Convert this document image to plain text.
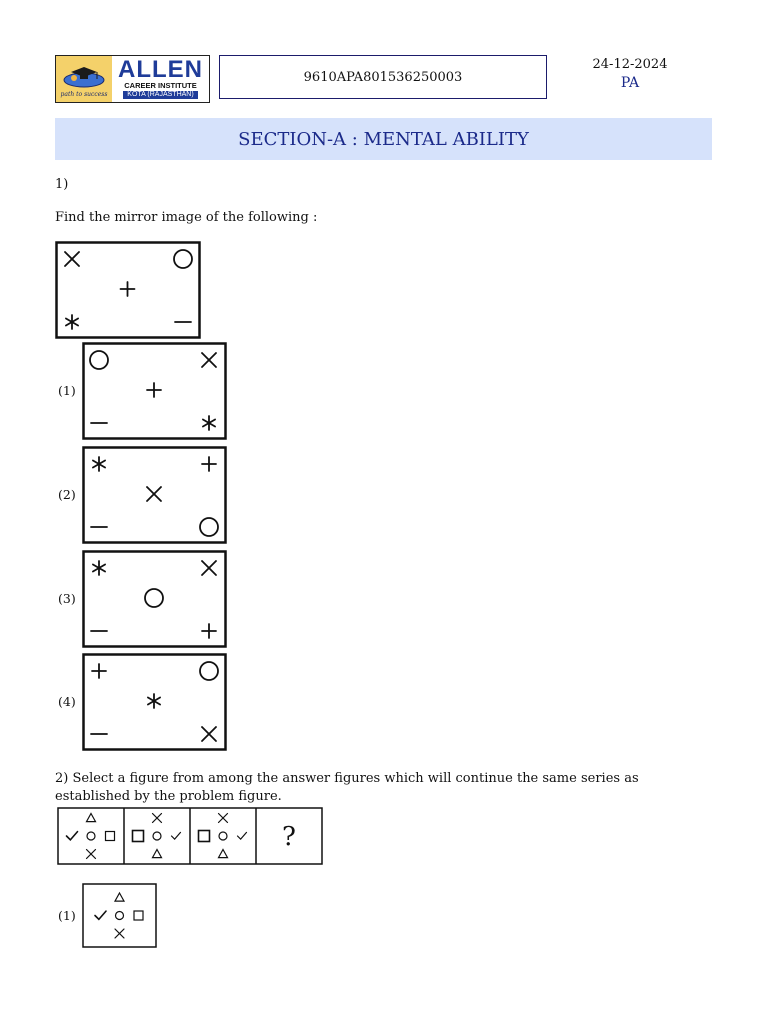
path to success
ALLEN
CAREER INSTITUTE
KOTA (RAJASTHAN)
9610APA801536250003
24-12-2024
PA
SECTION-A : MENTAL ABILITY
1)
Find the mirror image of the following :
(1)
(2)
(3)
(4)
2) Select a figure from among the answer figures which will continue the same series as established by the problem figure.
?
(1)
